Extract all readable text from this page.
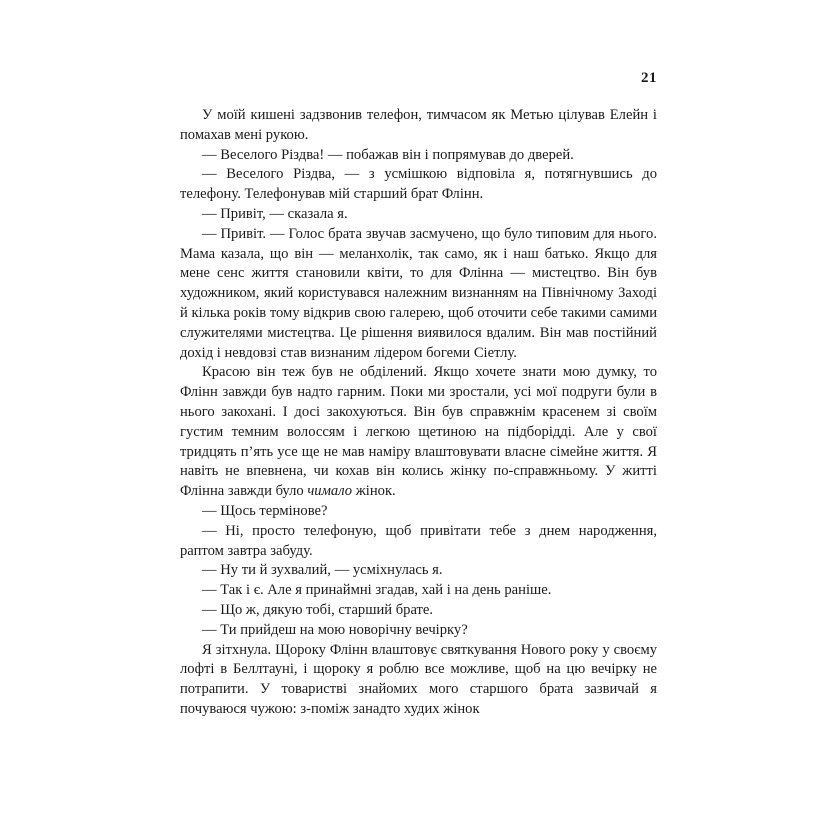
21

У моїй кишені задзвонив телефон, тимчасом як Метью цілував Елейн і помахав мені рукою.

— Веселого Різдва! — побажав він і попрямував до дверей.

— Веселого Різдва, — з усмішкою відповіла я, потягнувшись до телефону. Телефонував мій старший брат Флінн.

— Привіт, — сказала я.

— Привіт. — Голос брата звучав засмучено, що було типовим для нього. Мама казала, що він — меланхолік, так само, як і наш батько. Якщо для мене сенс життя становили квіти, то для Флінна — мистецтво. Він був художником, який користувався належним визнанням на Північному Заході й кілька років тому відкрив свою галерею, щоб оточити себе такими самими служителями мистецтва. Це рішення виявилося вдалим. Він мав постійний дохід і невдовзі став визнаним лідером богеми Сіетлу.

Красою він теж був не обділений. Якщо хочете знати мою думку, то Флінн завжди був надто гарним. Поки ми зростали, усі мої подруги були в нього закохані. І досі закохуються. Він був справжнім красенем зі своїм густим темним волоссям і легкою щетиною на підборідді. Але у свої тридцять п’ять усе ще не мав наміру влаштовувати власне сімейне життя. Я навіть не впевнена, чи кохав він колись жінку по-справжньому. У житті Флінна завжди було чимало жінок.

— Щось термінове?

— Ні, просто телефоную, щоб привітати тебе з днем народження, раптом завтра забуду.

— Ну ти й зухвалий, — усміхнулась я.

— Так і є. Але я принаймні згадав, хай і на день раніше.

— Що ж, дякую тобі, старший брате.

— Ти прийдеш на мою новорічну вечірку?

Я зітхнула. Щороку Флінн влаштовує святкування Нового року у своєму лофті в Беллтауні, і щороку я роблю все можливе, щоб на цю вечірку не потрапити. У товаристві знайомих мого старшого брата зазвичай я почуваюся чужою: з-поміж занадто худих жінок
